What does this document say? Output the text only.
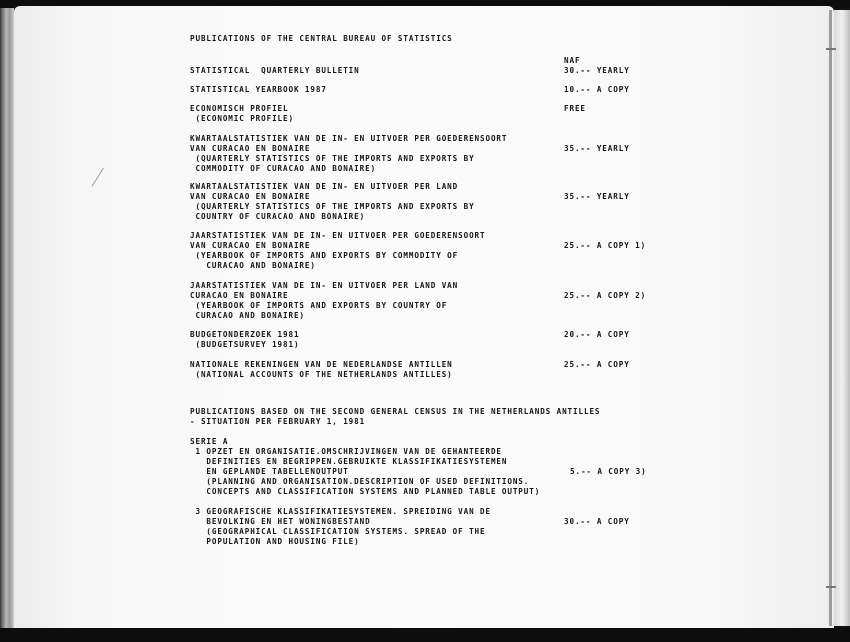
PUBLICATIONS OF THE CENTRAL BUREAU OF STATISTICS
NAF
STATISTICAL  QUARTERLY BULLETIN	30.-- YEARLY
STATISTICAL YEARBOOK 1987	10.-- A COPY
ECONOMISCH PROFIEL
(ECONOMIC PROFILE)
FREE
KWARTAALSTATISTIEK VAN DE IN- EN UITVOER PER GOEDERENSOORT
VAN CURACAO EN BONAIRE
(QUARTERLY STATISTICS OF THE IMPORTS AND EXPORTS BY
COMMODITY OF CURACAO AND BONAIRE)
35.-- YEARLY
KWARTAALSTATISTIEK VAN DE IN- EN UITVOER PER LAND
VAN CURACAO EN BONAIRE
(QUARTERLY STATISTICS OF THE IMPORTS AND EXPORTS BY
COUNTRY OF CURACAO AND BONAIRE)
35.-- YEARLY
JAARSTATISTIEK VAN DE IN- EN UITVOER PER GOEDERENSOORT
VAN CURACAO EN BONAIRE
(YEARBOOK OF IMPORTS AND EXPORTS BY COMMODITY OF
CURACAO AND BONAIRE)
25.-- A COPY 1)
JAARSTATISTIEK VAN DE IN- EN UITVOER PER LAND VAN
CURACAO EN BONAIRE
(YEARBOOK OF IMPORTS AND EXPORTS BY COUNTRY OF
CURACAO AND BONAIRE)
25.-- A COPY 2)
BUDGETONDERZOEK 1981
(BUDGETSURVEY 1981)
20.-- A COPY
NATIONALE REKENINGEN VAN DE NEDERLANDSE ANTILLEN
(NATIONAL ACCOUNTS OF THE NETHERLANDS ANTILLES)
25.-- A COPY
PUBLICATIONS BASED ON THE SECOND GENERAL CENSUS IN THE NETHERLANDS ANTILLES
- SITUATION PER FEBRUARY 1, 1981
SERIE A
1 OPZET EN ORGANISATIE.OMSCHRIJVINGEN VAN DE GEHANTEERDE
DEFINITIES EN BEGRIPPEN.GEBRUIKTE KLASSIFIKATIESYSTEMEN
EN GEPLANDE TABELLENOUTPUT
(PLANNING AND ORGANISATION.DESCRIPTION OF USED DEFINITIONS.
CONCEPTS AND CLASSIFICATION SYSTEMS AND PLANNED TABLE OUTPUT)
5.-- A COPY 3)
3 GEOGRAFISCHE KLASSIFIKATIESYSTEMEN. SPREIDING VAN DE
BEVOLKING EN HET WONINGBESTAND
(GEOGRAPHICAL CLASSIFICATION SYSTEMS. SPREAD OF THE
POPULATION AND HOUSING FILE)
30.-- A COPY
